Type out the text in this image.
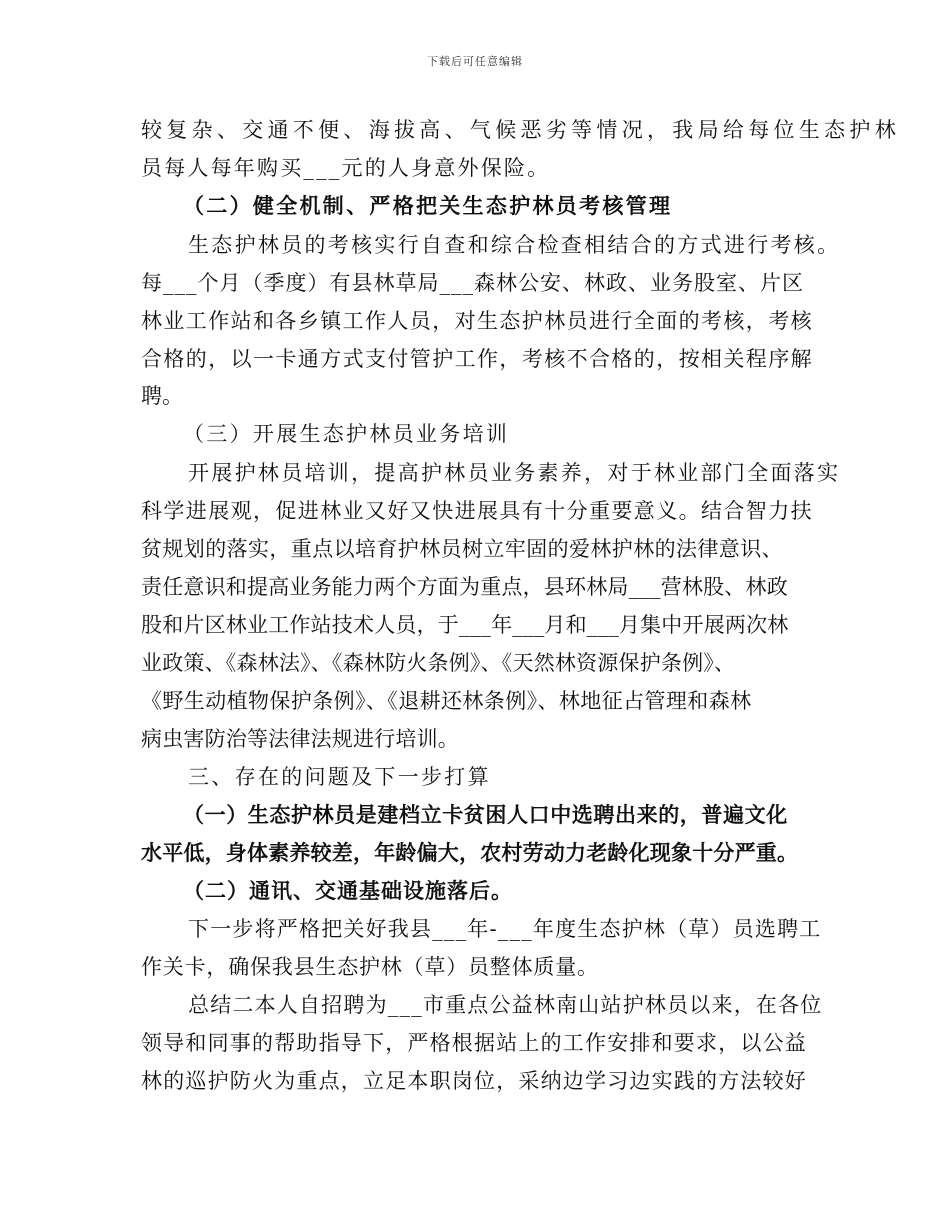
下载后可任意编辑
较复杂、交通不便、海拔高、气候恶劣等情况，我局给每位生态护林
员每人每年购买___元的人身意外保险。
（二）健全机制、严格把关生态护林员考核管理
生态护林员的考核实行自查和综合检查相结合的方式进行考核。
每___个月（季度）有县林草局___森林公安、林政、业务股室、片区
林业工作站和各乡镇工作人员，对生态护林员进行全面的考核，考核
合格的，以一卡通方式支付管护工作，考核不合格的，按相关程序解
聘。
（三）开展生态护林员业务培训
开展护林员培训，提高护林员业务素养，对于林业部门全面落实
科学进展观，促进林业又好又快进展具有十分重要意义。结合智力扶
贫规划的落实，重点以培育护林员树立牢固的爱林护林的法律意识、
责任意识和提高业务能力两个方面为重点，县环林局___营林股、林政
股和片区林业工作站技术人员，于___年___月和___月集中开展两次林
业政策、《森林法》、《森林防火条例》、《天然林资源保护条例》、
《野生动植物保护条例》、《退耕还林条例》、林地征占管理和森林
病虫害防治等法律法规进行培训。
三、存在的问题及下一步打算
（一）生态护林员是建档立卡贫困人口中选聘出来的，普遍文化
水平低，身体素养较差，年龄偏大，农村劳动力老龄化现象十分严重。
（二）通讯、交通基础设施落后。
下一步将严格把关好我县___年-___年度生态护林（草）员选聘工
作关卡，确保我县生态护林（草）员整体质量。
总结二本人自招聘为___市重点公益林南山站护林员以来，在各位
领导和同事的帮助指导下，严格根据站上的工作安排和要求，以公益
林的巡护防火为重点，立足本职岗位，采纳边学习边实践的方法较好
